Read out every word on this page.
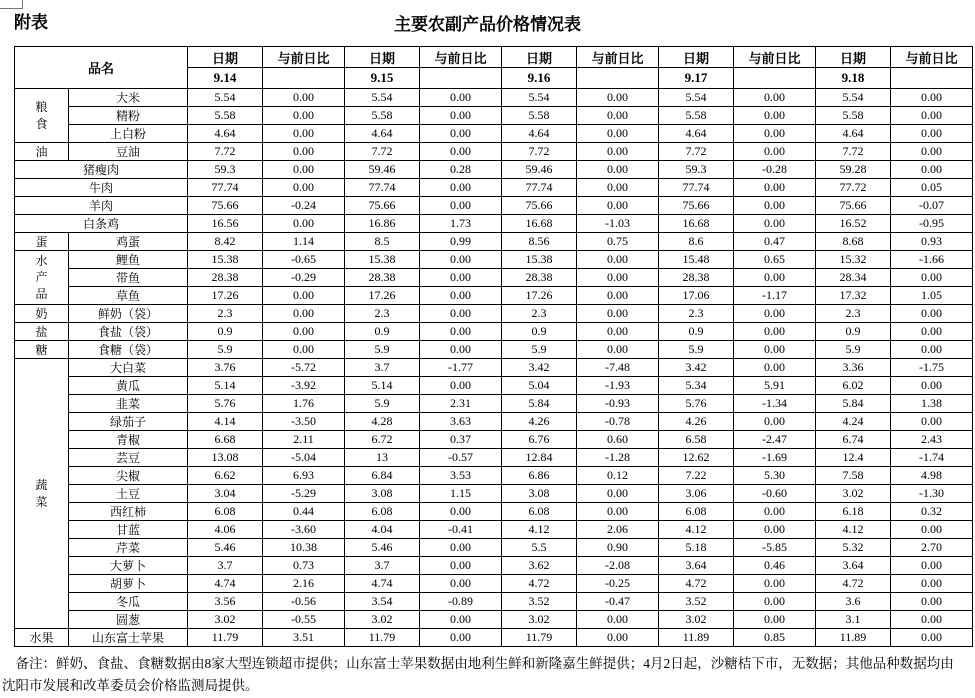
附表	主要农副产品价格情况表
品名		日期	与前日比	日期	与前日比	日期	与前日比	日期	与前日比	日期	与前日比
		9.14		9.15		9.16		9.17		9.18	
粮食	大米	5.54	0.00	5.54	0.00	5.54	0.00	5.54	0.00	5.54	0.00
	精粉	5.58	0.00	5.58	0.00	5.58	0.00	5.58	0.00	5.58	0.00
	上白粉	4.64	0.00	4.64	0.00	4.64	0.00	4.64	0.00	4.64	0.00
油	豆油	7.72	0.00	7.72	0.00	7.72	0.00	7.72	0.00	7.72	0.00
猪瘦肉		59.3	0.00	59.46	0.28	59.46	0.00	59.3	-0.28	59.28	0.00
牛肉		77.74	0.00	77.74	0.00	77.74	0.00	77.74	0.00	77.72	0.05
羊肉		75.66	-0.24	75.66	0.00	75.66	0.00	75.66	0.00	75.66	-0.07
白条鸡		16.56	0.00	16.86	1.73	16.68	-1.03	16.68	0.00	16.52	-0.95
蛋	鸡蛋	8.42	1.14	8.5	0.99	8.56	0.75	8.6	0.47	8.68	0.93
水产品	鲤鱼	15.38	-0.65	15.38	0.00	15.38	0.00	15.48	0.65	15.32	-1.66
	带鱼	28.38	-0.29	28.38	0.00	28.38	0.00	28.38	0.00	28.34	0.00
	草鱼	17.26	0.00	17.26	0.00	17.26	0.00	17.06	-1.17	17.32	1.05
奶	鲜奶（袋）	2.3	0.00	2.3	0.00	2.3	0.00	2.3	0.00	2.3	0.00
盐	食盐（袋）	0.9	0.00	0.9	0.00	0.9	0.00	0.9	0.00	0.9	0.00
糖	食糖（袋）	5.9	0.00	5.9	0.00	5.9	0.00	5.9	0.00	5.9	0.00
蔬菜	大白菜	3.76	-5.72	3.7	-1.77	3.42	-7.48	3.42	0.00	3.36	-1.75
	黄瓜	5.14	-3.92	5.14	0.00	5.04	-1.93	5.34	5.91	6.02	0.00
	韭菜	5.76	1.76	5.9	2.31	5.84	-0.93	5.76	-1.34	5.84	1.38
	绿茄子	4.14	-3.50	4.28	3.63	4.26	-0.78	4.26	0.00	4.24	0.00
	青椒	6.68	2.11	6.72	0.37	6.76	0.60	6.58	-2.47	6.74	2.43
	芸豆	13.08	-5.04	13	-0.57	12.84	-1.28	12.62	-1.69	12.4	-1.74
	尖椒	6.62	6.93	6.84	3.53	6.86	0.12	7.22	5.30	7.58	4.98
	土豆	3.04	-5.29	3.08	1.15	3.08	0.00	3.06	-0.60	3.02	-1.30
	西红柿	6.08	0.44	6.08	0.00	6.08	0.00	6.08	0.00	6.18	0.32
	甘蓝	4.06	-3.60	4.04	-0.41	4.12	2.06	4.12	0.00	4.12	0.00
	芹菜	5.46	10.38	5.46	0.00	5.5	0.90	5.18	-5.85	5.32	2.70
	大萝卜	3.7	0.73	3.7	0.00	3.62	-2.08	3.64	0.46	3.64	0.00
	胡萝卜	4.74	2.16	4.74	0.00	4.72	-0.25	4.72	0.00	4.72	0.00
	冬瓜	3.56	-0.56	3.54	-0.89	3.52	-0.47	3.52	0.00	3.6	0.00
	圆葱	3.02	-0.55	3.02	0.00	3.02	0.00	3.02	0.00	3.1	0.00
水果	山东富士苹果	11.79	3.51	11.79	0.00	11.79	0.00	11.89	0.85	11.89	0.00

备注：鲜奶、食盐、食糖数据由8家大型连锁超市提供；山东富士苹果数据由地利生鲜和新隆嘉生鲜提供；4月2日起，沙糖桔下市，无数据；其他品种数据均由沈阳市发展和改革委员会价格监测局提供。
